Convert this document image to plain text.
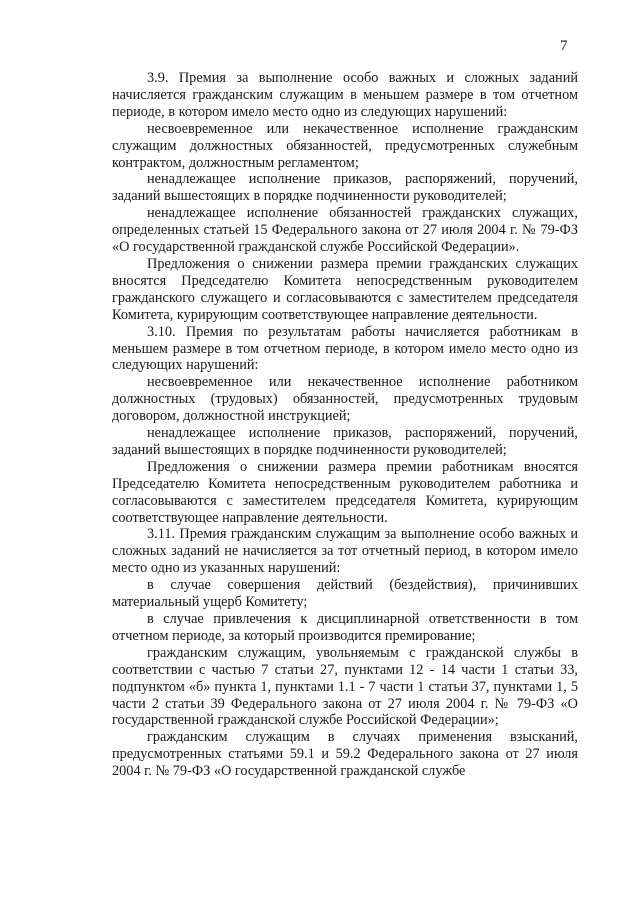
7

3.9. Премия за выполнение особо важных и сложных заданий начисляется гражданским служащим в меньшем размере в том отчетном периоде, в котором имело место одно из следующих нарушений:

несвоевременное или некачественное исполнение гражданским служащим должностных обязанностей, предусмотренных служебным контрактом, должностным регламентом;

ненадлежащее исполнение приказов, распоряжений, поручений, заданий вышестоящих в порядке подчиненности руководителей;

ненадлежащее исполнение обязанностей гражданских служащих, определенных статьей 15 Федерального закона от 27 июля 2004 г. № 79-ФЗ «О государственной гражданской службе Российской Федерации».

Предложения о снижении размера премии гражданских служащих вносятся Председателю Комитета непосредственным руководителем гражданского служащего и согласовываются с заместителем председателя Комитета, курирующим соответствующее направление деятельности.

3.10. Премия по результатам работы начисляется работникам в меньшем размере в том отчетном периоде, в котором имело место одно из следующих нарушений:

несвоевременное или некачественное исполнение работником должностных (трудовых) обязанностей, предусмотренных трудовым договором, должностной инструкцией;

ненадлежащее исполнение приказов, распоряжений, поручений, заданий вышестоящих в порядке подчиненности руководителей;

Предложения о снижении размера премии работникам вносятся Председателю Комитета непосредственным руководителем работника и согласовываются с заместителем председателя Комитета, курирующим соответствующее направление деятельности.

3.11. Премия гражданским служащим за выполнение особо важных и сложных заданий не начисляется за тот отчетный период, в котором имело место одно из указанных нарушений:

в случае совершения действий (бездействия), причинивших материальный ущерб Комитету;

в случае привлечения к дисциплинарной ответственности в том отчетном периоде, за который производится премирование;

гражданским служащим, увольняемым с гражданской службы в соответствии с частью 7 статьи 27, пунктами 12 - 14 части 1 статьи 33, подпунктом «б» пункта 1, пунктами 1.1 - 7 части 1 статьи 37, пунктами 1, 5 части 2 статьи 39 Федерального закона от 27 июля 2004 г. № 79-ФЗ «О государственной гражданской службе Российской Федерации»;

гражданским служащим в случаях применения взысканий, предусмотренных статьями 59.1 и 59.2 Федерального закона от 27 июля 2004 г. № 79-ФЗ «О государственной гражданской службе
